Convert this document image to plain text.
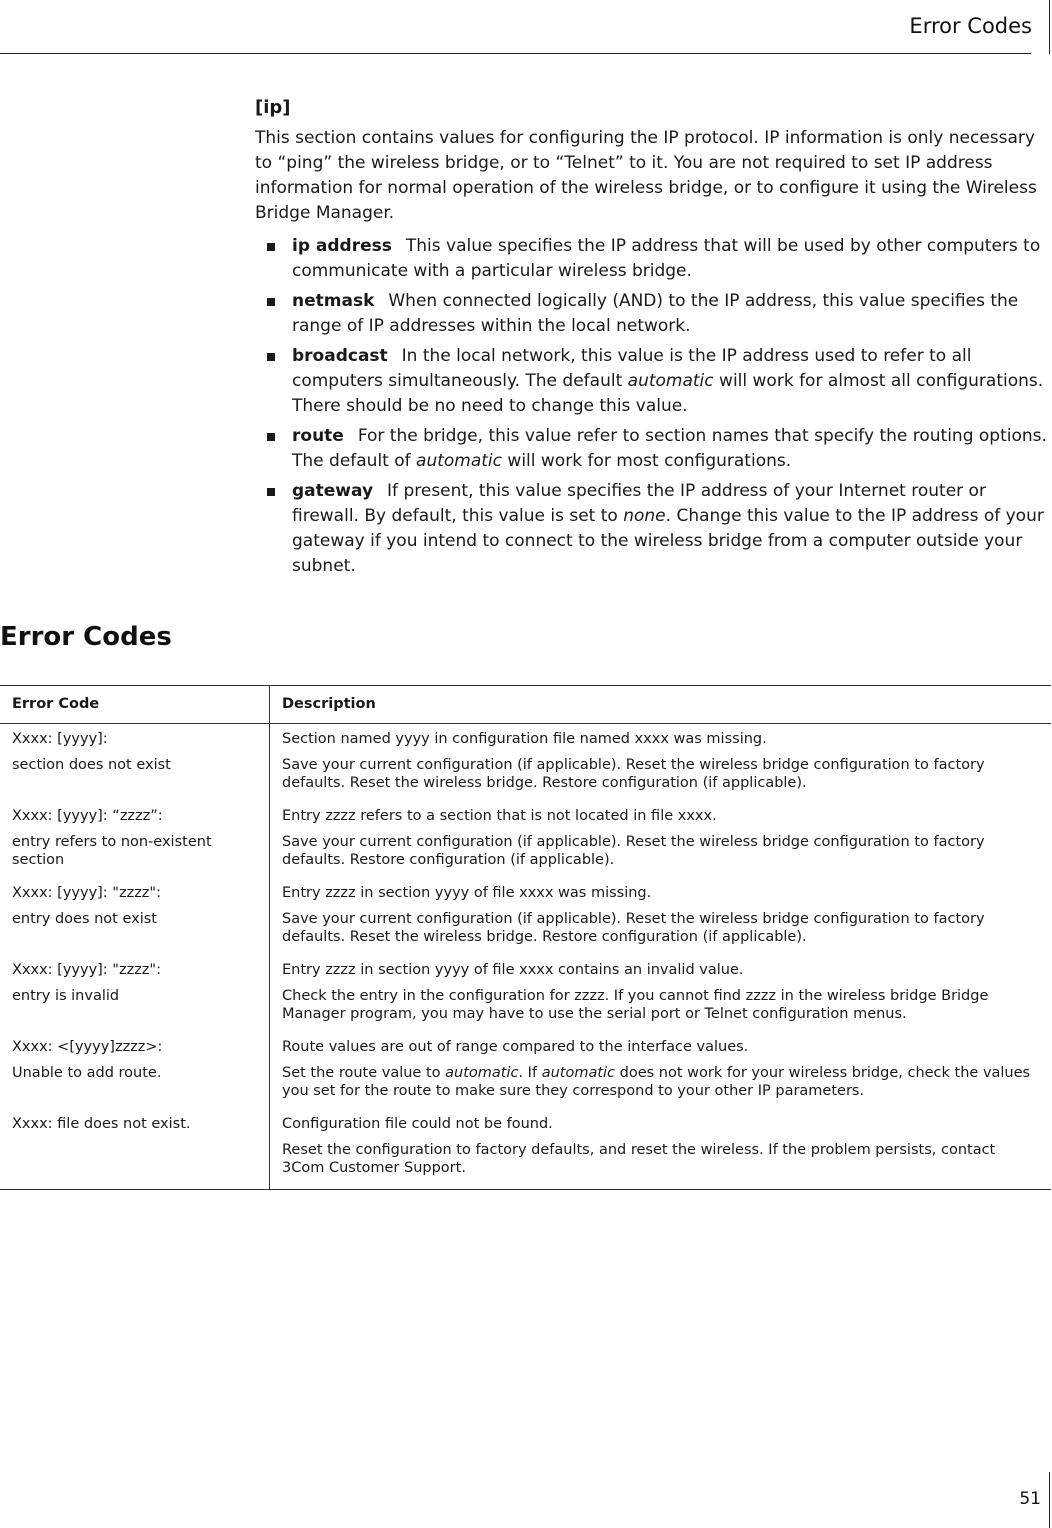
Error Codes
[ip]

This section contains values for configuring the IP protocol. IP information is only necessary to “ping” the wireless bridge, or to “Telnet” to it. You are not required to set IP address information for normal operation of the wireless bridge, or to configure it using the Wireless Bridge Manager.

ip address This value specifies the IP address that will be used by other computers to communicate with a particular wireless bridge.
netmask When connected logically (AND) to the IP address, this value specifies the range of IP addresses within the local network.
broadcast In the local network, this value is the IP address used to refer to all computers simultaneously. The default automatic will work for almost all configurations. There should be no need to change this value.
route For the bridge, this value refer to section names that specify the routing options. The default of automatic will work for most configurations.
gateway If present, this value specifies the IP address of your Internet router or firewall. By default, this value is set to none. Change this value to the IP address of your gateway if you intend to connect to the wireless bridge from a computer outside your subnet.
Error Codes
Error Code	Description
Xxxx: [yyyy]:	Section named yyyy in configuration file named xxxx was missing.
section does not exist	Save your current configuration (if applicable). Reset the wireless bridge configuration to factory defaults. Reset the wireless bridge. Restore configuration (if applicable).
Xxxx: [yyyy]: “zzzz”:	Entry zzzz refers to a section that is not located in file xxxx.
entry refers to non-existent section	Save your current configuration (if applicable). Reset the wireless bridge configuration to factory defaults. Restore configuration (if applicable).
Xxxx: [yyyy]: "zzzz":	Entry zzzz in section yyyy of file xxxx was missing.
entry does not exist	Save your current configuration (if applicable). Reset the wireless bridge configuration to factory defaults. Reset the wireless bridge. Restore configuration (if applicable).
Xxxx: [yyyy]: "zzzz":	Entry zzzz in section yyyy of file xxxx contains an invalid value.
entry is invalid	Check the entry in the configuration for zzzz. If you cannot find zzzz in the wireless bridge Bridge Manager program, you may have to use the serial port or Telnet configuration menus.
Xxxx: <[yyyy]zzzz>:	Route values are out of range compared to the interface values.
Unable to add route.	Set the route value to automatic. If automatic does not work for your wireless bridge, check the values you set for the route to make sure they correspond to your other IP parameters.
Xxxx: file does not exist.	Configuration file could not be found.
	Reset the configuration to factory defaults, and reset the wireless. If the problem persists, contact 3Com Customer Support.
51
